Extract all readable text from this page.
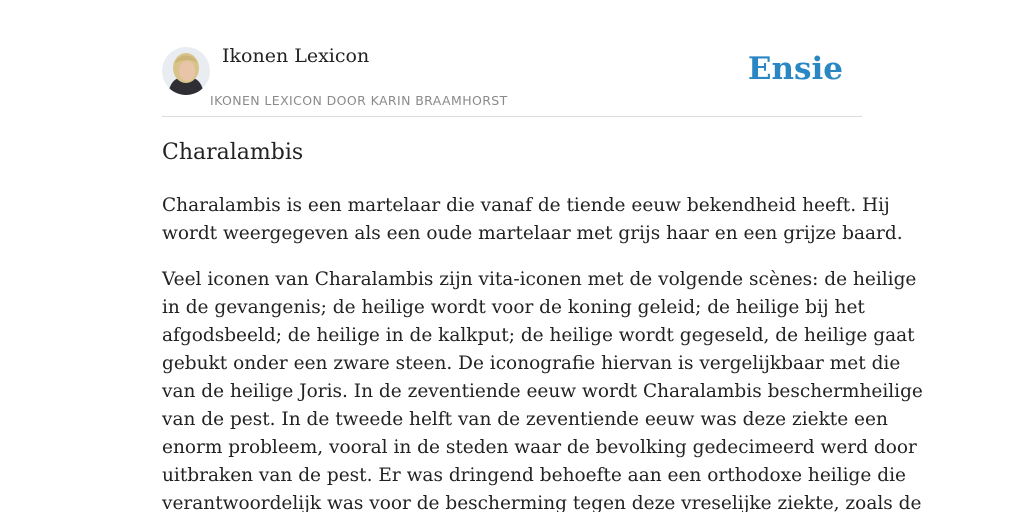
Ikonen Lexicon
IKONEN LEXICON DOOR KARIN BRAAMHORST
Ensie
Charalambis

Charalambis is een martelaar die vanaf de tiende eeuw bekendheid heeft. Hij
wordt weergegeven als een oude martelaar met grijs haar en een grijze baard.

Veel iconen van Charalambis zijn vita-iconen met de volgende scènes: de heilige
in de gevangenis; de heilige wordt voor de koning geleid; de heilige bij het
afgodsbeeld; de heilige in de kalkput; de heilige wordt gegeseld, de heilige gaat
gebukt onder een zware steen. De iconografie hiervan is vergelijkbaar met die
van de heilige Joris. In de zeventiende eeuw wordt Charalambis beschermheilige
van de pest. In de tweede helft van de zeventiende eeuw was deze ziekte een
enorm probleem, vooral in de steden waar de bevolking gedecimeerd werd door
uitbraken van de pest. Er was dringend behoefte aan een orthodoxe heilige die
verantwoordelijk was voor de bescherming tegen deze vreselijke ziekte, zoals de
